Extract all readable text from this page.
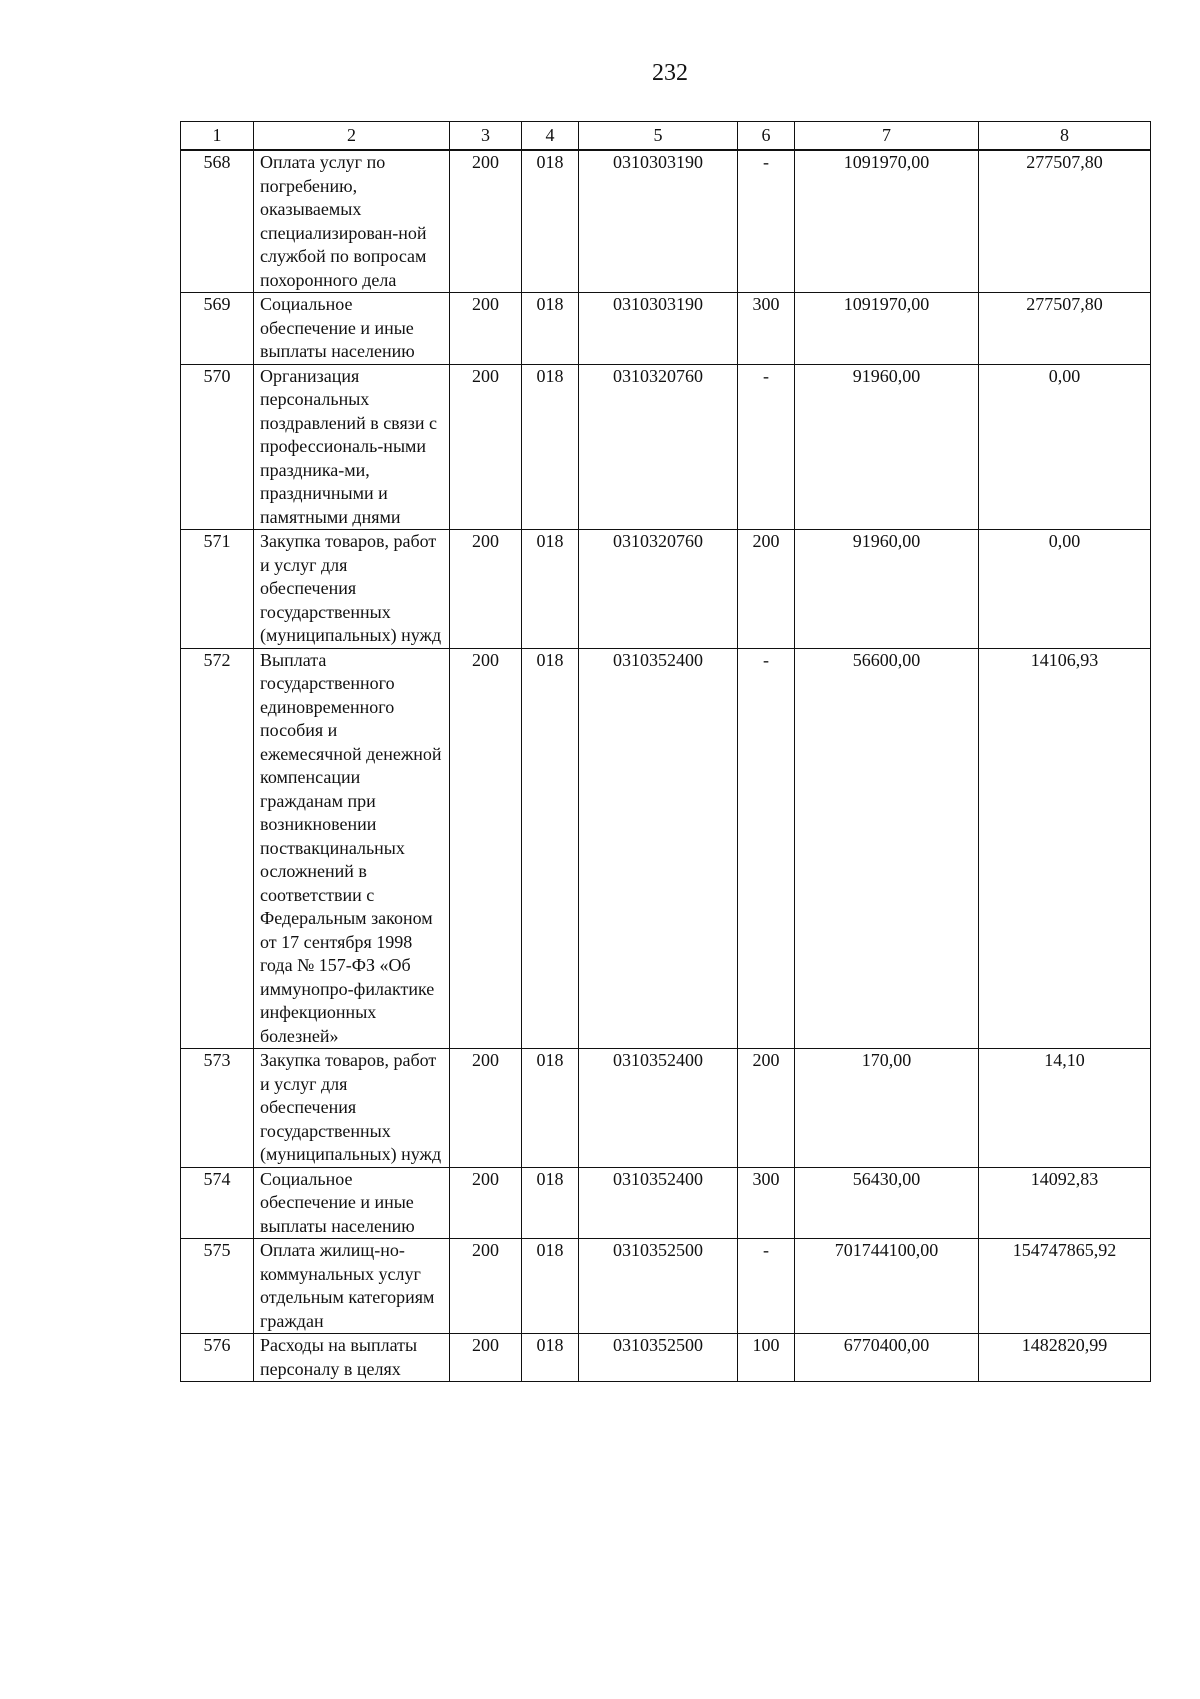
232
1	2	3	4	5	6	7	8
568	Оплата услуг по погребению, оказываемых специализирован-ной службой по вопросам похоронного дела	200	018	0310303190	-	1091970,00	277507,80
569	Социальное обеспечение и иные выплаты населению	200	018	0310303190	300	1091970,00	277507,80
570	Организация персональных поздравлений в связи с профессиональ-ными праздника-ми, праздничными и памятными днями	200	018	0310320760	-	91960,00	0,00
571	Закупка товаров, работ и услуг для обеспечения государственных (муниципальных) нужд	200	018	0310320760	200	91960,00	0,00
572	Выплата государственного единовременного пособия и ежемесячной денежной компенсации гражданам при возникновении поствакцинальных осложнений в соответствии с Федеральным законом от 17 сентября 1998 года № 157-ФЗ «Об иммунопро-филактике инфекционных болезней»	200	018	0310352400	-	56600,00	14106,93
573	Закупка товаров, работ и услуг для обеспечения государственных (муниципальных) нужд	200	018	0310352400	200	170,00	14,10
574	Социальное обеспечение и иные выплаты населению	200	018	0310352400	300	56430,00	14092,83
575	Оплата жилищ-но-коммунальных услуг отдельным категориям граждан	200	018	0310352500	-	701744100,00	154747865,92
576	Расходы на выплаты персоналу в целях	200	018	0310352500	100	6770400,00	1482820,99
